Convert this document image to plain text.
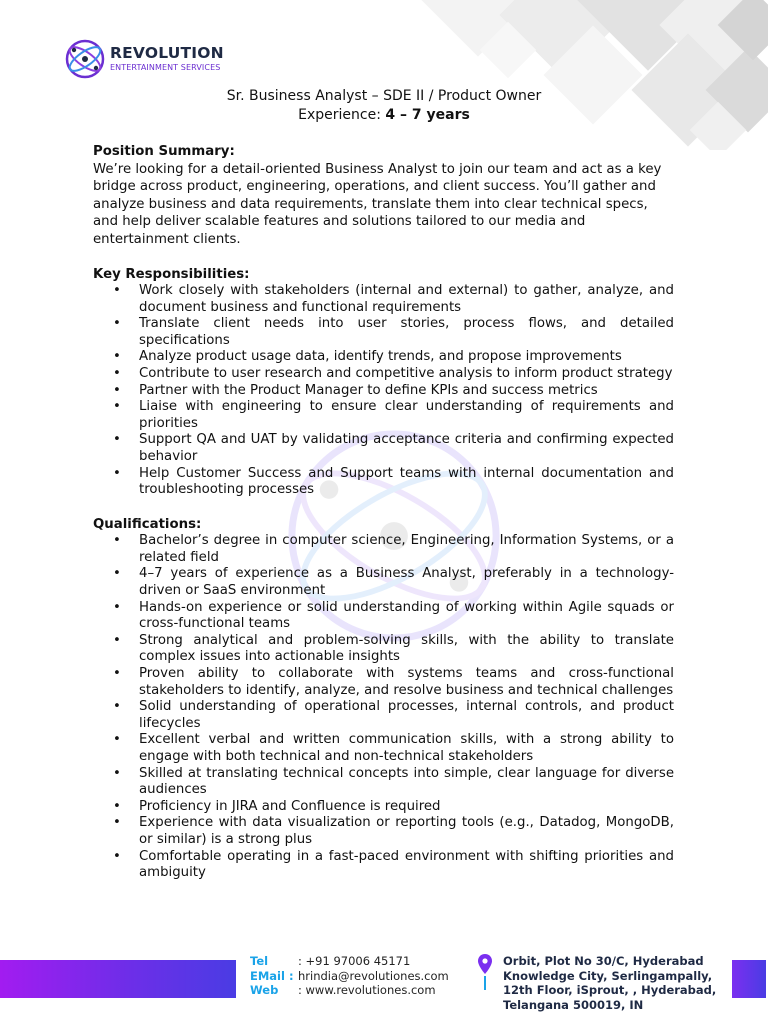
REVOLUTION
ENTERTAINMENT SERVICES
Sr. Business Analyst – SDE II / Product Owner
Experience: 4 – 7 years
Position Summary:
We’re looking for a detail-oriented Business Analyst to join our team and act as a key bridge across product, engineering, operations, and client success. You’ll gather and analyze business and data requirements, translate them into clear technical specs, and help deliver scalable features and solutions tailored to our media and entertainment clients.
Key Responsibilities:
• Work closely with stakeholders (internal and external) to gather, analyze, and document business and functional requirements
• Translate client needs into user stories, process flows, and detailed specifications
• Analyze product usage data, identify trends, and propose improvements
• Contribute to user research and competitive analysis to inform product strategy
• Partner with the Product Manager to define KPIs and success metrics
• Liaise with engineering to ensure clear understanding of requirements and priorities
• Support QA and UAT by validating acceptance criteria and confirming expected behavior
• Help Customer Success and Support teams with internal documentation and troubleshooting processes
Qualifications:
• Bachelor’s degree in computer science, Engineering, Information Systems, or a related field
• 4–7 years of experience as a Business Analyst, preferably in a technology-driven or SaaS environment
• Hands-on experience or solid understanding of working within Agile squads or cross-functional teams
• Strong analytical and problem-solving skills, with the ability to translate complex issues into actionable insights
• Proven ability to collaborate with systems teams and cross-functional stakeholders to identify, analyze, and resolve business and technical challenges
• Solid understanding of operational processes, internal controls, and product lifecycles
• Excellent verbal and written communication skills, with a strong ability to engage with both technical and non-technical stakeholders
• Skilled at translating technical concepts into simple, clear language for diverse audiences
• Proficiency in JIRA and Confluence is required
• Experience with data visualization or reporting tools (e.g., Datadog, MongoDB, or similar) is a strong plus
• Comfortable operating in a fast-paced environment with shifting priorities and ambiguity
Tel	: +91 97006 45171
EMail : hrindia@revolutiones.com
Web	: www.revolutiones.com
Orbit, Plot No 30/C, Hyderabad
Knowledge City, Serlingampally,
12th Floor, iSprout, , Hyderabad,
Telangana 500019, IN
